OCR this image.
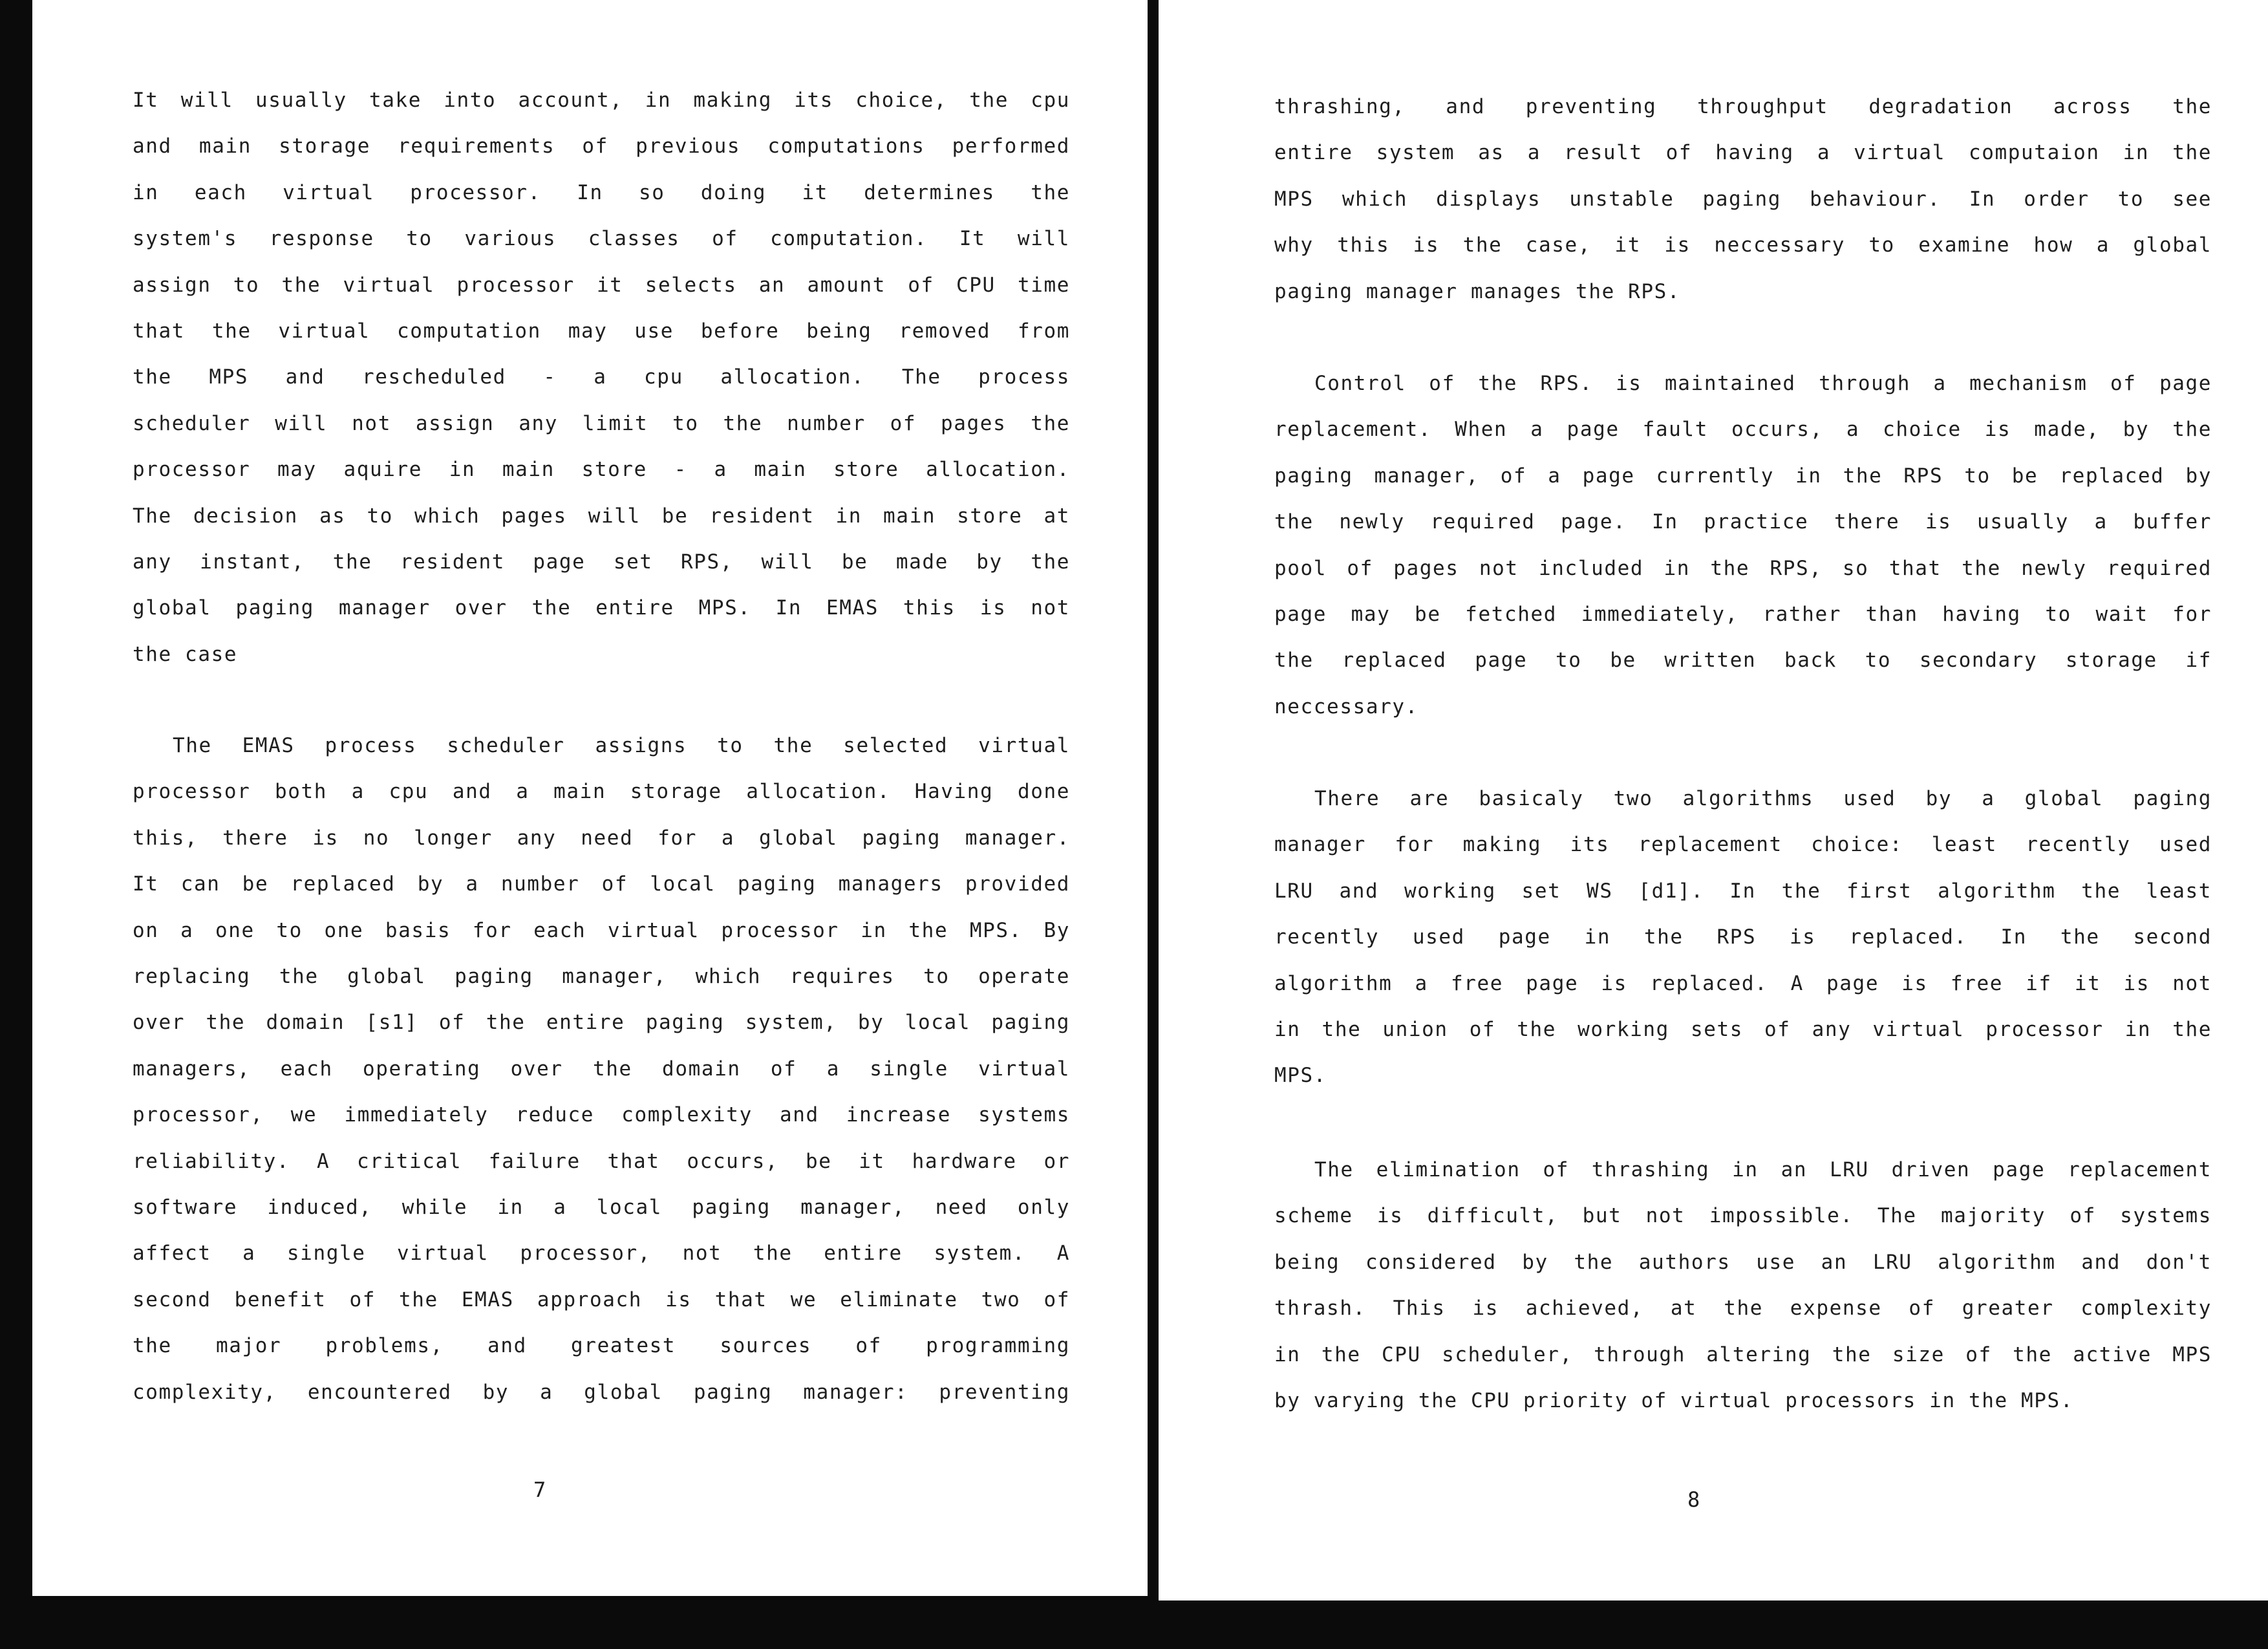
It will usually take into account, in making its choice, the cpu
and main storage requirements of previous computations performed
in each virtual processor. In so doing it determines the
system's response to various classes of computation. It will
assign to the virtual processor it selects an amount of CPU time
that the virtual computation may use before being removed from
the MPS and rescheduled - a cpu allocation. The process
scheduler will not assign any limit to the number of pages the
processor may aquire in main store - a main store allocation.
The decision as to which pages will be resident in main store at
any instant, the resident page set RPS, will be made by the
global paging manager over the entire MPS. In EMAS this is not
the case
The EMAS process scheduler assigns to the selected virtual
processor both a cpu and a main storage allocation. Having done
this, there is no longer any need for a global paging manager.
It can be replaced by a number of local paging managers provided
on a one to one basis for each virtual processor in the MPS. By
replacing the global paging manager, which requires to operate
over the domain [s1] of the entire paging system, by local paging
managers, each operating over the domain of a single virtual
processor, we immediately reduce complexity and increase systems
reliability. A critical failure that occurs, be it hardware or
software induced, while in a local paging manager, need only
affect a single virtual processor, not the entire system. A
second benefit of the EMAS approach is that we eliminate two of
the major problems, and greatest sources of programming
complexity, encountered by a global paging manager: preventing
7
thrashing, and preventing throughput degradation across the
entire system as a result of having a virtual computaion in the
MPS which displays unstable paging behaviour. In order to see
why this is the case, it is neccessary to examine how a global
paging manager manages the RPS.
Control of the RPS. is maintained through a mechanism of page
replacement. When a page fault occurs, a choice is made, by the
paging manager, of a page currently in the RPS to be replaced by
the newly required page. In practice there is usually a buffer
pool of pages not included in the RPS, so that the newly required
page may be fetched immediately, rather than having to wait for
the replaced page to be written back to secondary storage if
neccessary.
There are basicaly two algorithms used by a global paging
manager for making its replacement choice: least recently used
LRU and working set WS [d1]. In the first algorithm the least
recently used page in the RPS is replaced. In the second
algorithm a free page is replaced. A page is free if it is not
in the union of the working sets of any virtual processor in the
MPS.
The elimination of thrashing in an LRU driven page replacement
scheme is difficult, but not impossible. The majority of systems
being considered by the authors use an LRU algorithm and don't
thrash. This is achieved, at the expense of greater complexity
in the CPU scheduler, through altering the size of the active MPS
by varying the CPU priority of virtual processors in the MPS.
8
